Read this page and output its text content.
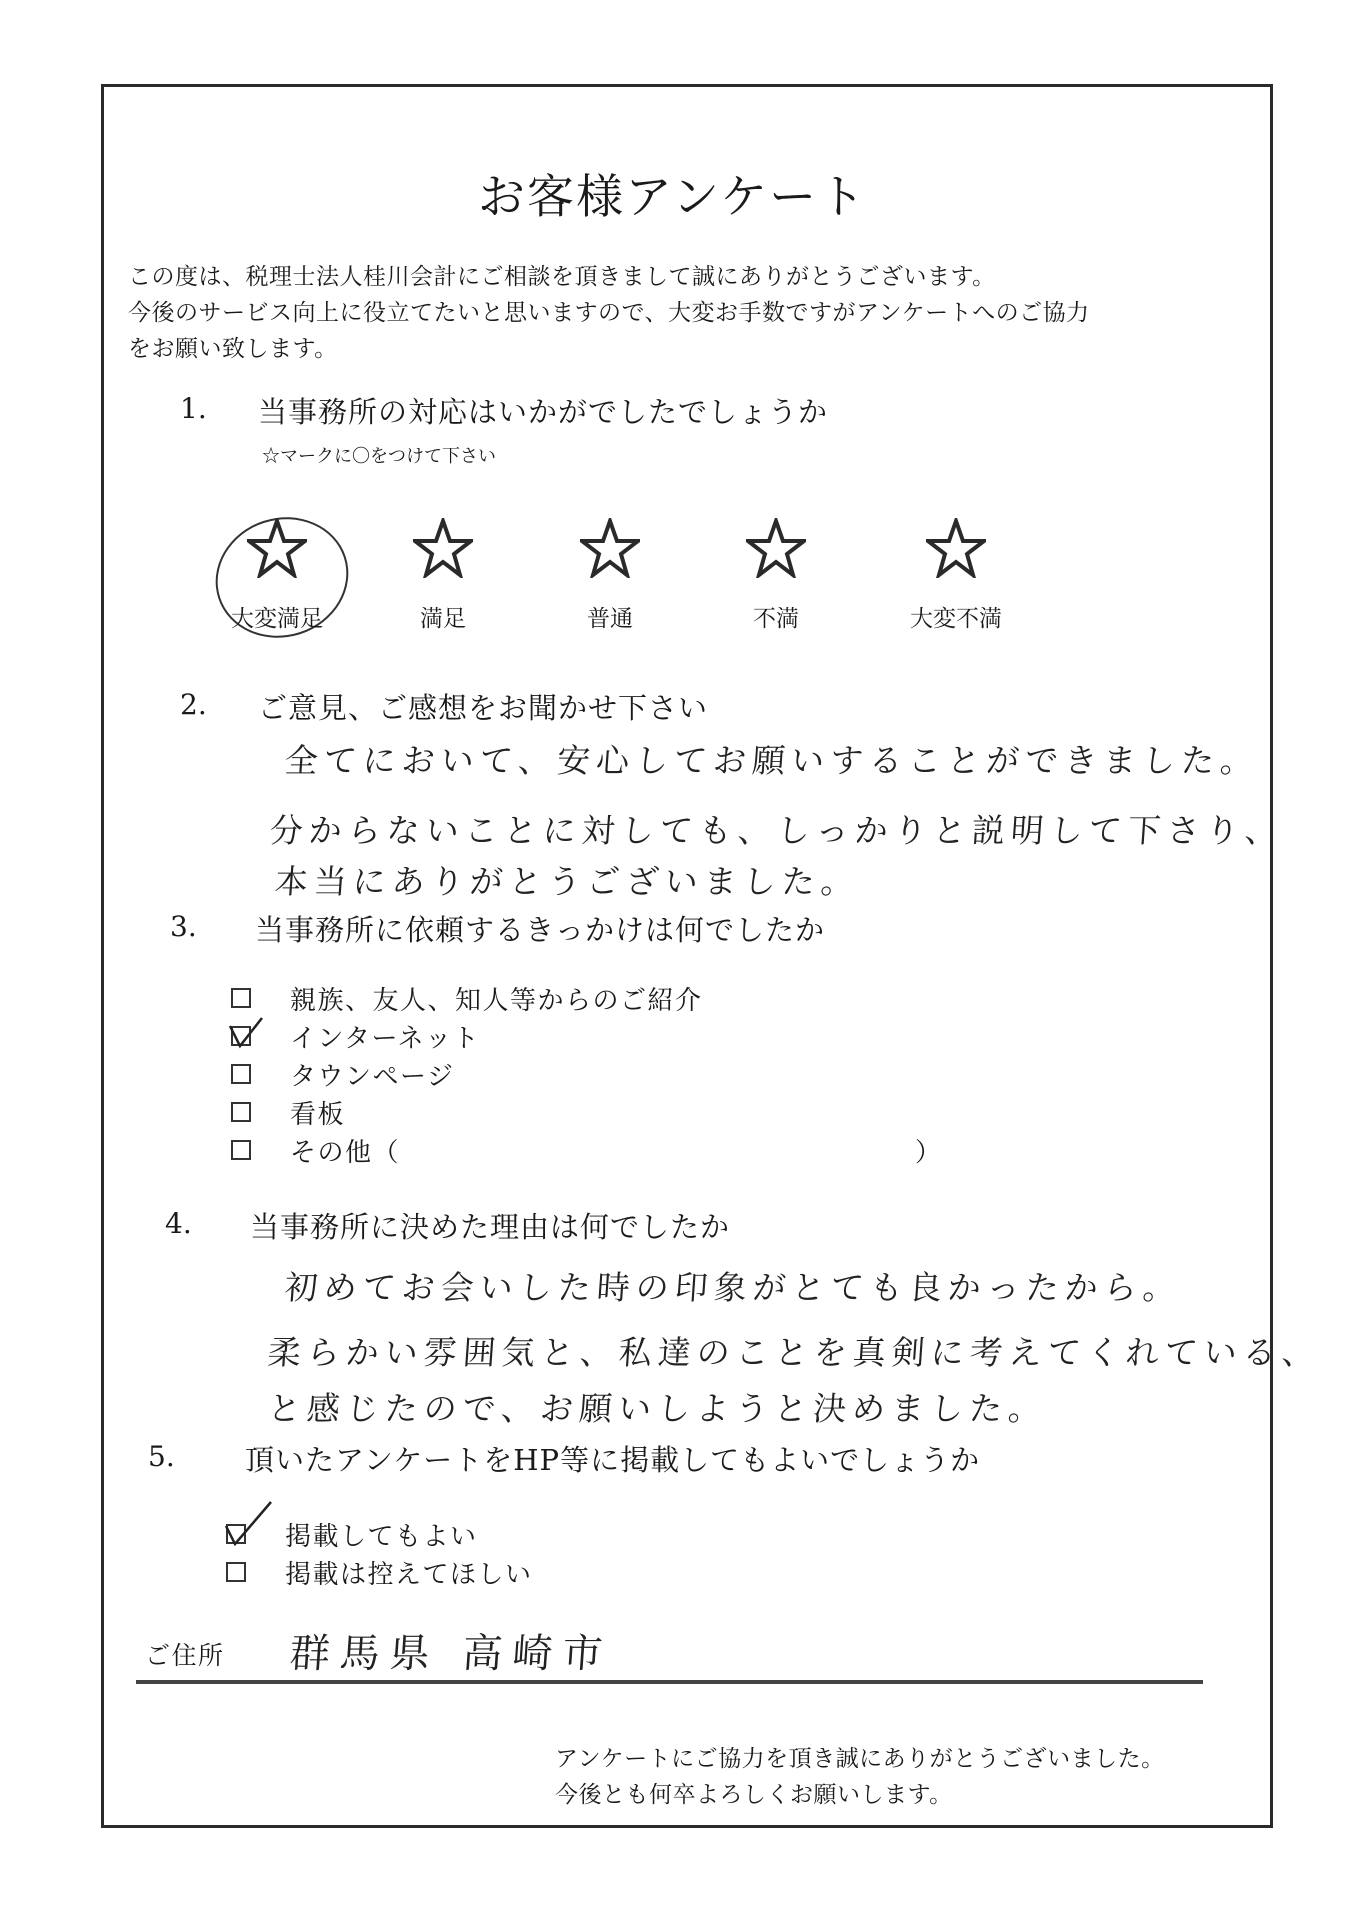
お客様アンケート
この度は、税理士法人桂川会計にご相談を頂きまして誠にありがとうございます。
今後のサービス向上に役立てたいと思いますので、大変お手数ですがアンケートへのご協力
をお願い致します。
1. 当事務所の対応はいかがでしたでしょうか
☆マークに〇をつけて下さい
大変満足	満足	普通	不満	大変不満
2. ご意見、ご感想をお聞かせ下さい
全てにおいて、安心してお願いすることができました。
分からないことに対しても、しっかりと説明して下さり、
本当にありがとうございました。
3. 当事務所に依頼するきっかけは何でしたか
親族、友人、知人等からのご紹介
インターネット
タウンページ
看板
その他（	）
4. 当事務所に決めた理由は何でしたか
初めてお会いした時の印象がとても良かったから。
柔らかい雰囲気と、私達のことを真剣に考えてくれている、
と感じたので、お願いしようと決めました。
5. 頂いたアンケートをHP等に掲載してもよいでしょうか
掲載してもよい
掲載は控えてほしい
ご住所 群馬県 高崎市
アンケートにご協力を頂き誠にありがとうございました。
今後とも何卒よろしくお願いします。
